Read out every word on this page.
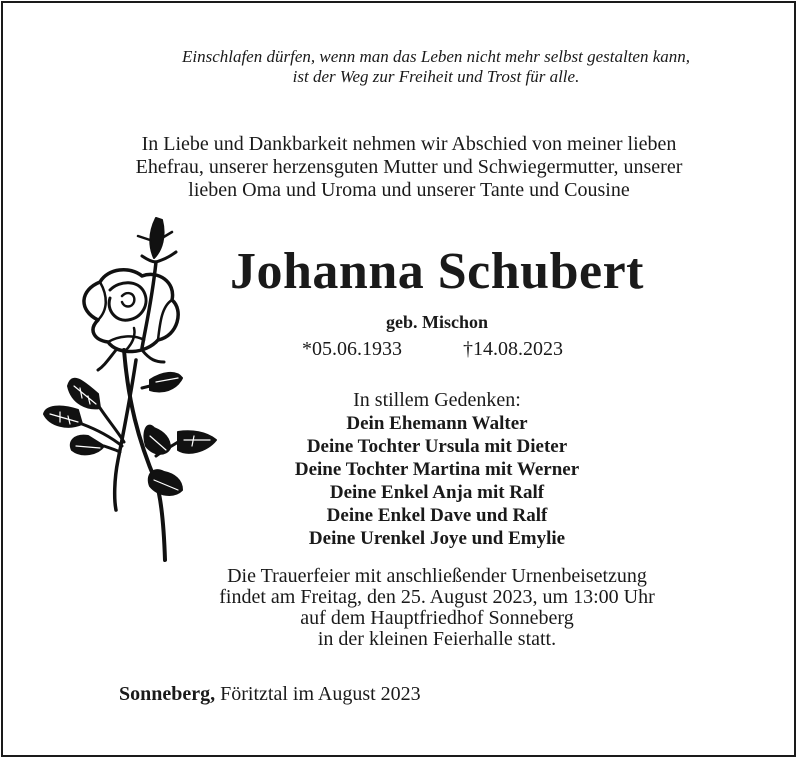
Einschlafen dürfen, wenn man das Leben nicht mehr selbst gestalten kann,
ist der Weg zur Freiheit und Trost für alle.
In Liebe und Dankbarkeit nehmen wir Abschied von meiner lieben
Ehefrau, unserer herzensguten Mutter und Schwiegermutter, unserer
lieben Oma und Uroma und unserer Tante und Cousine
Johanna Schubert
geb. Mischon
*05.06.1933	†14.08.2023
In stillem Gedenken:
Dein Ehemann Walter
Deine Tochter Ursula mit Dieter
Deine Tochter Martina mit Werner
Deine Enkel Anja mit Ralf
Deine Enkel Dave und Ralf
Deine Urenkel Joye und Emylie
Die Trauerfeier mit anschließender Urnenbeisetzung
findet am Freitag, den 25. August 2023, um 13:00 Uhr
auf dem Hauptfriedhof Sonneberg
in der kleinen Feierhalle statt.
Sonneberg, Föritztal im August 2023
